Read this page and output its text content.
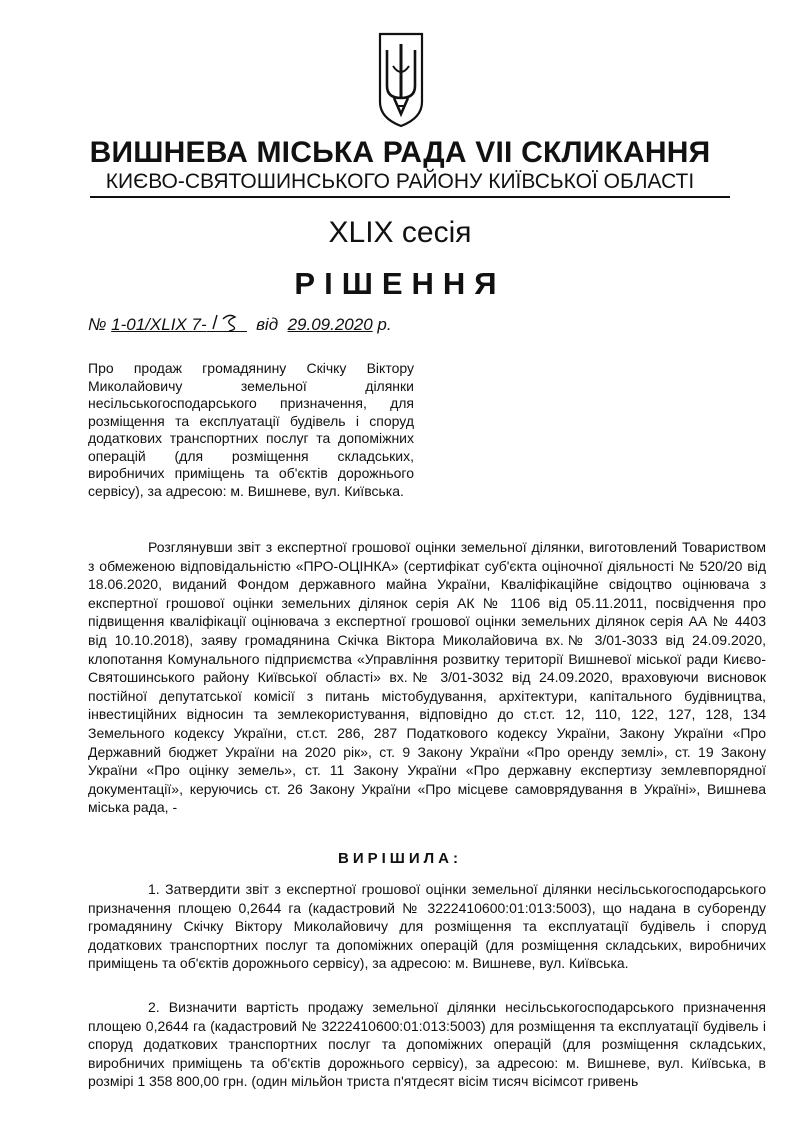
ВИШНЕВА МІСЬКА РАДА VII СКЛИКАННЯ
КИЄВО-СВЯТОШИНСЬКОГО РАЙОНУ КИЇВСЬКОЇ ОБЛАСТІ
XLIX сесія
РІШЕННЯ
№ 1-01/XLIX 7-	від 29.09.2020 р.
Про продаж громадянину Скічку Віктору Миколайовичу земельної ділянки несільськогосподарського призначення, для розміщення та експлуатації будівель і споруд додаткових транспортних послуг та допоміжних операцій (для розміщення складських, виробничих приміщень та об'єктів дорожнього сервісу), за адресою: м. Вишневе, вул. Київська.
Розглянувши звіт з експертної грошової оцінки земельної ділянки, виготовлений Товариством з обмеженою відповідальністю «ПРО-ОЦІНКА» (сертифікат суб'єкта оціночної діяльності № 520/20 від 18.06.2020, виданий Фондом державного майна України, Кваліфікаційне свідоцтво оцінювача з експертної грошової оцінки земельних ділянок серія АК № 1106 від 05.11.2011, посвідчення про підвищення кваліфікації оцінювача з експертної грошової оцінки земельних ділянок серія АА № 4403 від 10.10.2018), заяву громадянина Скічка Віктора Миколайовича вх.№ 3/01-3033 від 24.09.2020, клопотання Комунального підприємства «Управління розвитку території Вишневої міської ради Києво-Святошинського району Київської області» вх.№ 3/01-3032 від 24.09.2020, враховуючи висновок постійної депутатської комісії з питань містобудування, архітектури, капітального будівництва, інвестиційних відносин та землекористування, відповідно до ст.ст. 12, 110, 122, 127, 128, 134 Земельного кодексу України, ст.ст. 286, 287 Податкового кодексу України, Закону України «Про Державний бюджет України на 2020 рік», ст. 9 Закону України «Про оренду землі», ст. 19 Закону України «Про оцінку земель», ст. 11 Закону України «Про державну експертизу землевпорядної документації», керуючись ст. 26 Закону України «Про місцеве самоврядування в Україні», Вишнева міська рада, -
ВИРІШИЛА:
1. Затвердити звіт з експертної грошової оцінки земельної ділянки несільськогосподарського призначення площею 0,2644 га (кадастровий № 3222410600:01:013:5003), що надана в суборенду громадянину Скічку Віктору Миколайовичу для розміщення та експлуатації будівель і споруд додаткових транспортних послуг та допоміжних операцій (для розміщення складських, виробничих приміщень та об'єктів дорожнього сервісу), за адресою: м. Вишневе, вул. Київська.
2. Визначити вартість продажу земельної ділянки несільськогосподарського призначення площею 0,2644 га (кадастровий № 3222410600:01:013:5003) для розміщення та експлуатації будівель і споруд додаткових транспортних послуг та допоміжних операцій (для розміщення складських, виробничих приміщень та об'єктів дорожнього сервісу), за адресою: м. Вишневе, вул. Київська, в розмірі 1 358 800,00 грн. (один мільйон триста п'ятдесят вісім тисяч вісімсот гривень
